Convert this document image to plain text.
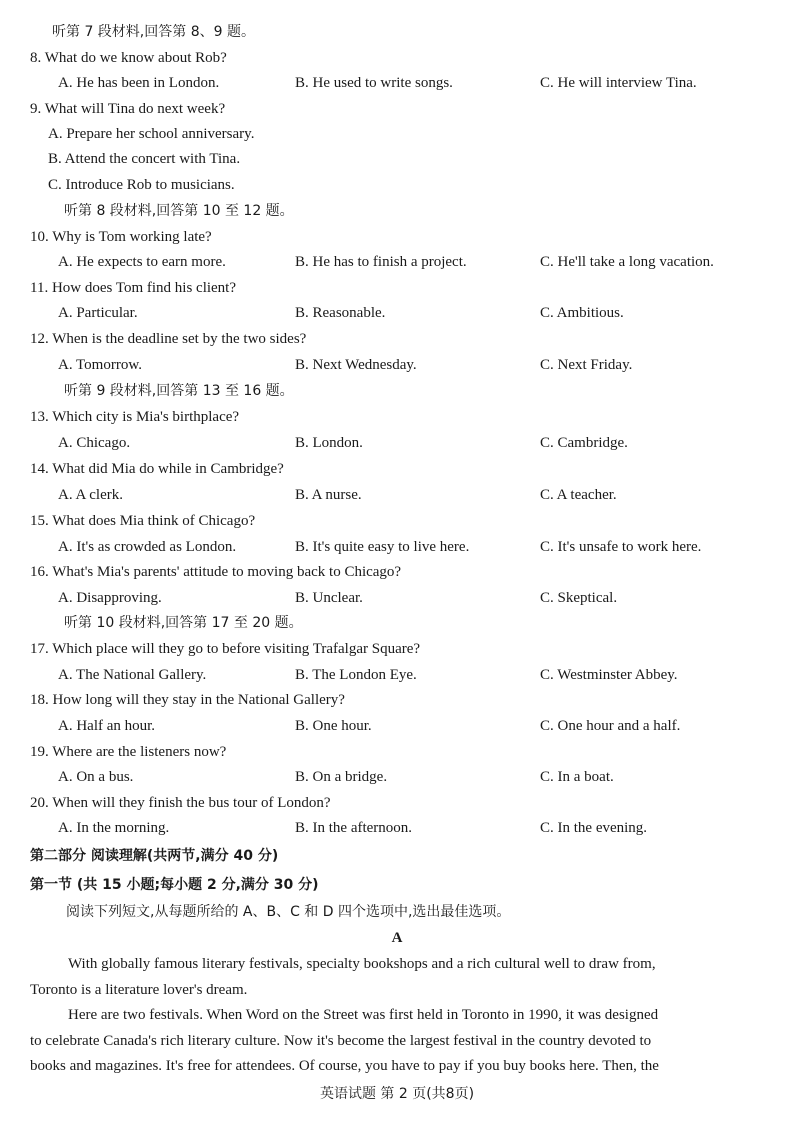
听第 7 段材料,回答第 8、9 题。
8. What do we know about Rob?
A. He has been in London.	B. He used to write songs.	C. He will interview Tina.
9. What will Tina do next week?
A. Prepare her school anniversary.
B. Attend the concert with Tina.
C. Introduce Rob to musicians.
听第 8 段材料,回答第 10 至 12 题。
10. Why is Tom working late?
A. He expects to earn more.	B. He has to finish a project.	C. He'll take a long vacation.
11. How does Tom find his client?
A. Particular.	B. Reasonable.	C. Ambitious.
12. When is the deadline set by the two sides?
A. Tomorrow.	B. Next Wednesday.	C. Next Friday.
听第 9 段材料,回答第 13 至 16 题。
13. Which city is Mia's birthplace?
A. Chicago.	B. London.	C. Cambridge.
14. What did Mia do while in Cambridge?
A. A clerk.	B. A nurse.	C. A teacher.
15. What does Mia think of Chicago?
A. It's as crowded as London.	B. It's quite easy to live here.	C. It's unsafe to work here.
16. What's Mia's parents' attitude to moving back to Chicago?
A. Disapproving.	B. Unclear.	C. Skeptical.
听第 10 段材料,回答第 17 至 20 题。
17. Which place will they go to before visiting Trafalgar Square?
A. The National Gallery.	B. The London Eye.	C. Westminster Abbey.
18. How long will they stay in the National Gallery?
A. Half an hour.	B. One hour.	C. One hour and a half.
19. Where are the listeners now?
A. On a bus.	B. On a bridge.	C. In a boat.
20. When will they finish the bus tour of London?
A. In the morning.	B. In the afternoon.	C. In the evening.
第二部分 阅读理解(共两节,满分 40 分)
第一节 (共 15 小题;每小题 2 分,满分 30 分)
阅读下列短文,从每题所给的 A、B、C 和 D 四个选项中,选出最佳选项。
A
With globally famous literary festivals, specialty bookshops and a rich cultural well to draw from,
Toronto is a literature lover's dream.
Here are two festivals. When Word on the Street was first held in Toronto in 1990, it was designed
to celebrate Canada's rich literary culture. Now it's become the largest festival in the country devoted to
books and magazines. It's free for attendees. Of course, you have to pay if you buy books here. Then, the
英语试题 第 2 页(共8页)
